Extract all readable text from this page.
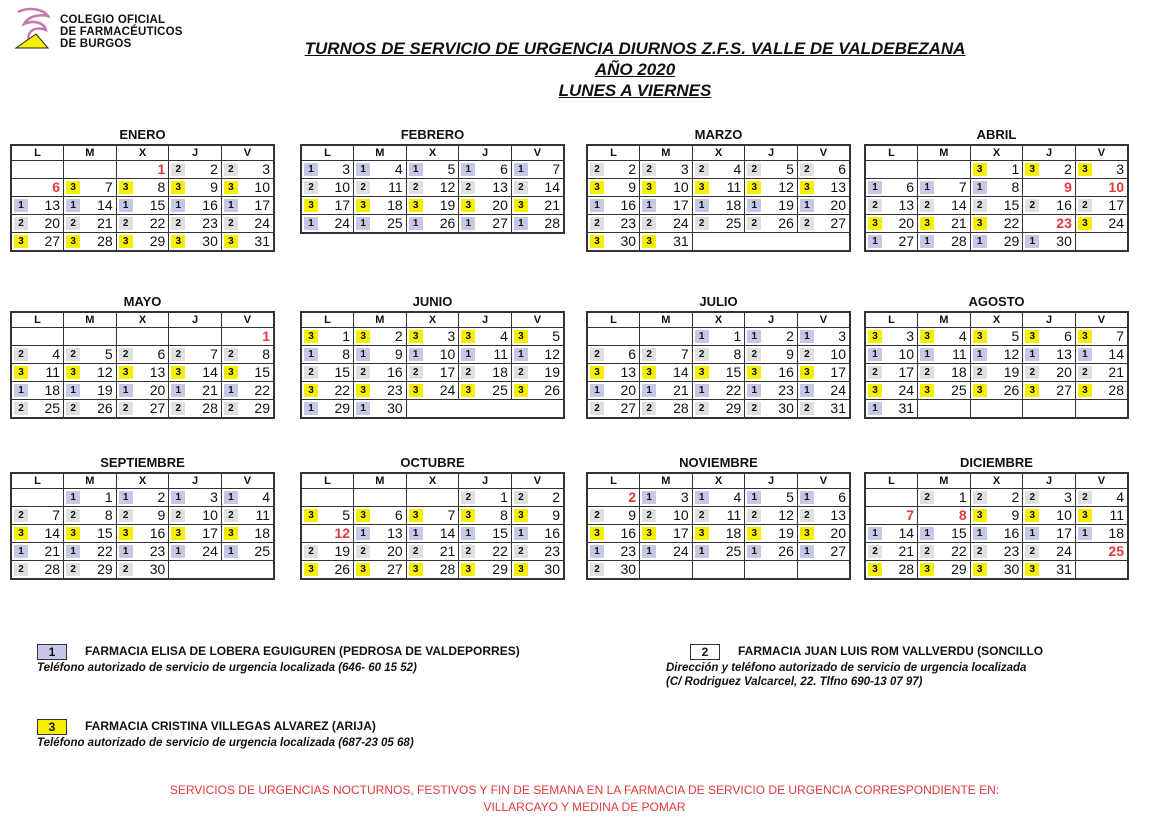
COLEGIO OFICIAL
DE FARMACÉUTICOS
DE BURGOS	TURNOS DE SERVICIO DE URGENCIA DIURNOS Z.F.S. VALLE DE VALDEBEZANA
AÑO 2020
LUNES A VIERNES
ENERO
L	M	X	J	V

		1	2 2	2 3

6	3 7	3 8	3 9	3 10

1 13	1 14	1 15	1 16	1 17

2 20	2 21	2 22	2 23	2 24

3 27	3 28	3 29	3 30	3 31
FEBRERO
L	M	X	J	V

1 3	1 4	1 5	1 6	1 7

2 10	2 11	2 12	2 13	2 14

3 17	3 18	3 19	3 20	3 21

1 24	1 25	1 26	1 27	1 28
MARZO
L	M	X	J	V

2 2	2 3	2 4	2 5	2 6

3 9	3 10	3 11	3 12	3 13

1 16	1 17	1 18	1 19	1 20

2 23	2 24	2 25	2 26	2 27

3 30	3 31			

ABRIL
L	M	X	J	V

		3 1	3 2	3 3

1 6	1 7	1 8	9	10

2 13	2 14	2 15	2 16	2 17

3 20	3 21	3 22	23	3 24

1 27	1 28	1 29	1 30	

MAYO
L	M	X	J	V

				1

2 4	2 5	2 6	2 7	2 8

3 11	3 12	3 13	3 14	3 15

1 18	1 19	1 20	1 21	1 22

2 25	2 26	2 27	2 28	2 29
JUNIO
L	M	X	J	V

3 1	3 2	3 3	3 4	3 5

1 8	1 9	1 10	1 11	1 12

2 15	2 16	2 17	2 18	2 19

3 22	3 23	3 24	3 25	3 26

1 29	1 30			

JULIO
L	M	X	J	V

		1 1	1 2	1 3

2 6	2 7	2 8	2 9	2 10

3 13	3 14	3 15	3 16	3 17

1 20	1 21	1 22	1 23	1 24

2 27	2 28	2 29	2 30	2 31
AGOSTO
L	M	X	J	V

3 3	3 4	3 5	3 6	3 7

1 10	1 11	1 12	1 13	1 14

2 17	2 18	2 19	2 20	2 21

3 24	3 25	3 26	3 27	3 28

1 31				

SEPTIEMBRE
L	M	X	J	V

	1 1	1 2	1 3	1 4

2 7	2 8	2 9	2 10	2 11

3 14	3 15	3 16	3 17	3 18

1 21	1 22	1 23	1 24	1 25

2 28	2 29	2 30		

OCTUBRE
L	M	X	J	V

			2 1	2 2

3 5	3 6	3 7	3 8	3 9

12	1 13	1 14	1 15	1 16

2 19	2 20	2 21	2 22	2 23

3 26	3 27	3 28	3 29	3 30
NOVIEMBRE
L	M	X	J	V

2	1 3	1 4	1 5	1 6

2 9	2 10	2 11	2 12	2 13

3 16	3 17	3 18	3 19	3 20

1 23	1 24	1 25	1 26	1 27

2 30				

DICIEMBRE
L	M	X	J	V

	2 1	2 2	2 3	2 4

7	8	3 9	3 10	3 11

1 14	1 15	1 16	1 17	1 18

2 21	2 22	2 23	2 24	25

3 28	3 29	3 30	3 31	

1 FARMACIA ELISA DE LOBERA EGUIGUREN (PEDROSA DE VALDEPORRES)
Teléfono autorizado de servicio de urgencia localizada (646- 60 15 52)
2 FARMACIA JUAN LUIS ROM VALLVERDU (SONCILLO
Dirección y teléfono autorizado de servicio de urgencia localizada
(C/ Rodriguez Valcarcel, 22. Tlfno 690-13 07 97)
3 FARMACIA CRISTINA VILLEGAS ALVAREZ (ARIJA)
Teléfono autorizado de servicio de urgencia localizada (687-23 05 68)
SERVICIOS DE URGENCIAS NOCTURNOS, FESTIVOS Y FIN DE SEMANA EN LA FARMACIA DE SERVICIO DE URGENCIA CORRESPONDIENTE EN:
VILLARCAYO Y MEDINA DE POMAR
